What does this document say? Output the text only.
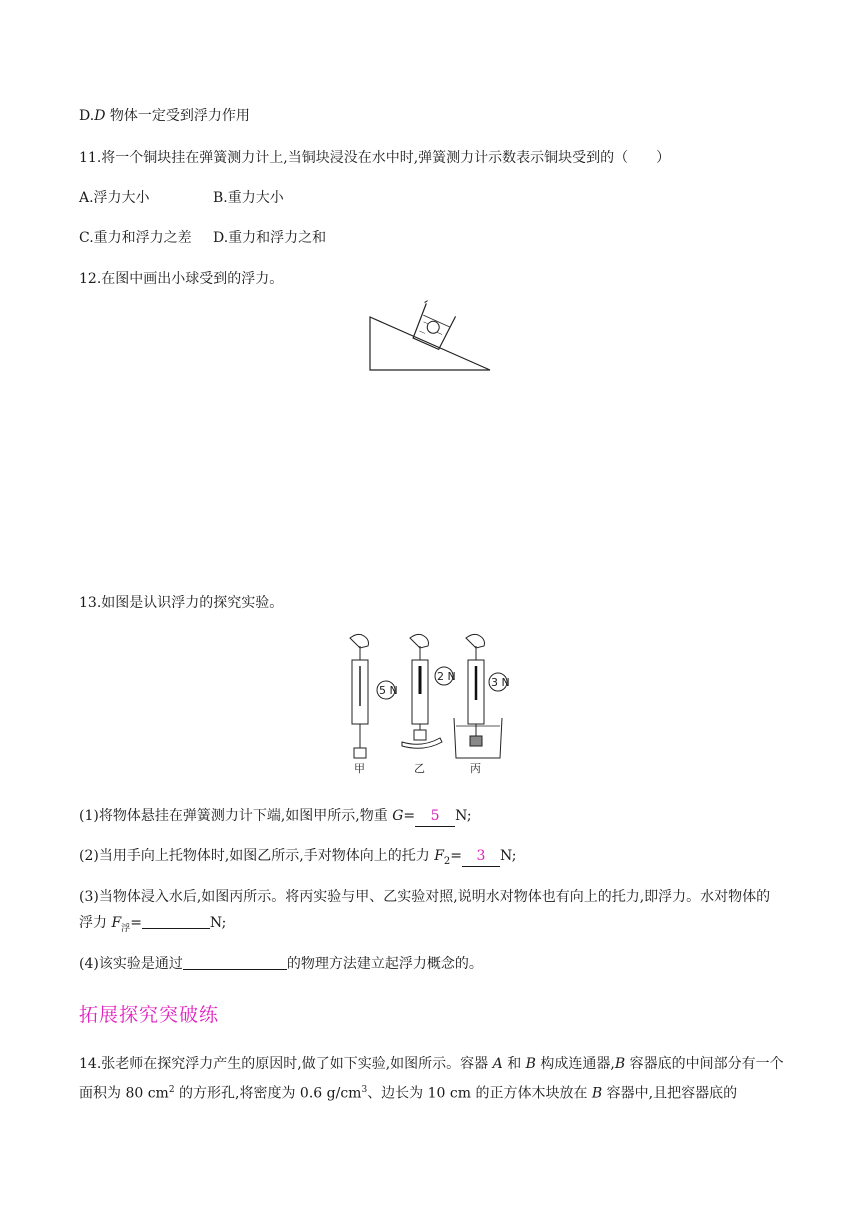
D.D 物体一定受到浮力作用
11.将一个铜块挂在弹簧测力计上,当铜块浸没在水中时,弹簧测力计示数表示铜块受到的（　　）
A.浮力大小	B.重力大小
C.重力和浮力之差 D.重力和浮力之和
12.在图中画出小球受到的浮力。
13.如图是认识浮力的探究实验。
5 N
甲
2 N
乙
3 N
丙
(1)将物体悬挂在弹簧测力计下端,如图甲所示,物重 G= 5 N;
(2)当用手向上托物体时,如图乙所示,手对物体向上的托力 $F_2= 3$ N;
(3)当物体浸入水后,如图丙所示。将丙实验与甲、乙实验对照,说明水对物体也有向上的托力,即浮力。水对物体的浮力 $F_浮=$	N;
(4)该实验是通过	的物理方法建立起浮力概念的。
拓展探究突破练
14.张老师在探究浮力产生的原因时,做了如下实验,如图所示。容器 A 和 B 构成连通器,B 容器底的中间部分有一个面积为 80 $cm^2$ 的方形孔,将密度为 0.6 $g/cm^3$、边长为 10 cm 的正方体木块放在 B 容器中,且把容器底的
